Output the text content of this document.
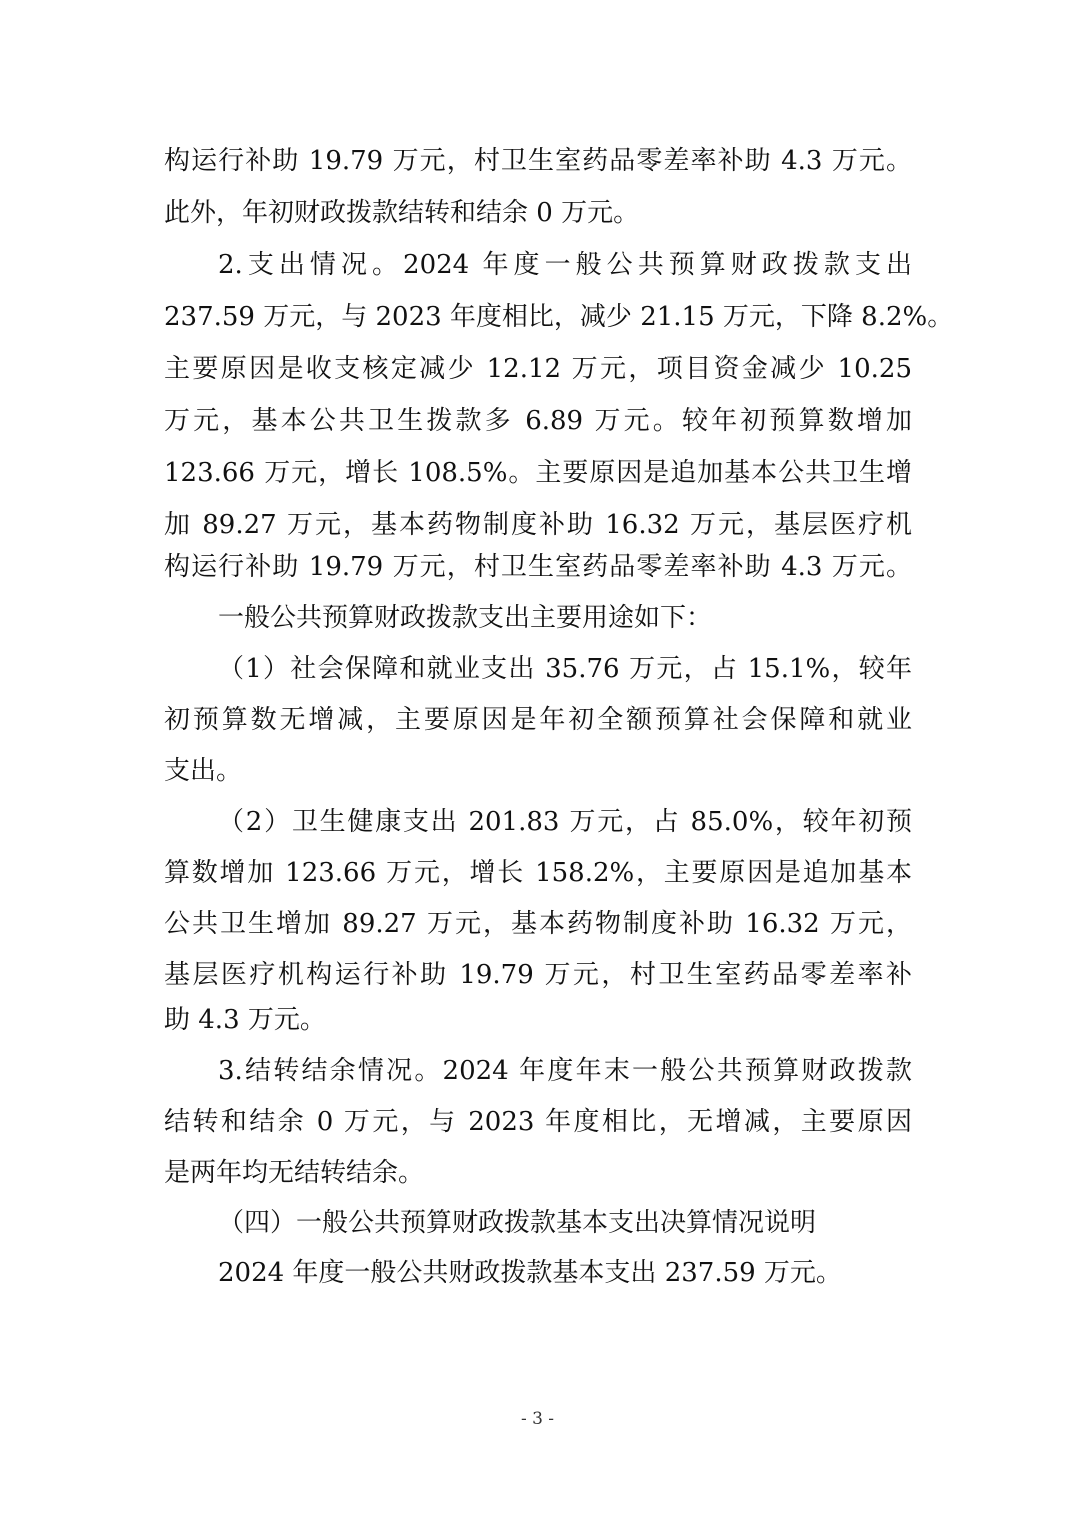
构运行补助 19.79 万元，村卫生室药品零差率补助 4.3 万元。
此外，年初财政拨款结转和结余 0 万元。
2.支出情况。2024 年度一般公共预算财政拨款支出
237.59 万元，与 2023 年度相比，减少 21.15 万元，下降 8.2%。
主要原因是收支核定减少 12.12 万元，项目资金减少 10.25
万元，基本公共卫生拨款多 6.89 万元。较年初预算数增加
123.66 万元，增长 108.5%。主要原因是追加基本公共卫生增
加 89.27 万元，基本药物制度补助 16.32 万元，基层医疗机
构运行补助 19.79 万元，村卫生室药品零差率补助 4.3 万元。
一般公共预算财政拨款支出主要用途如下：
（1）社会保障和就业支出 35.76 万元，占 15.1%，较年
初预算数无增减，主要原因是年初全额预算社会保障和就业
支出。
（2）卫生健康支出 201.83 万元，占 85.0%，较年初预
算数增加 123.66 万元，增长 158.2%，主要原因是追加基本
公共卫生增加 89.27 万元，基本药物制度补助 16.32 万元，
基层医疗机构运行补助 19.79 万元，村卫生室药品零差率补
助 4.3 万元。
3.结转结余情况。2024 年度年末一般公共预算财政拨款
结转和结余 0 万元，与 2023 年度相比，无增减，主要原因
是两年均无结转结余。
（四）一般公共预算财政拨款基本支出决算情况说明
2024 年度一般公共财政拨款基本支出 237.59 万元。
- 3 -
